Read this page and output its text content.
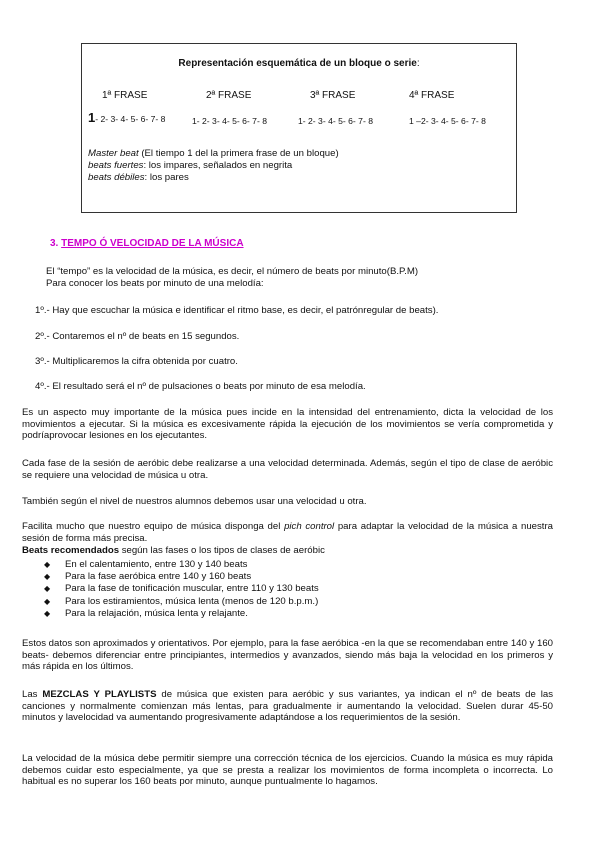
Representación esquemática de un bloque o serie:
1ª FRASE	2ª FRASE	3ª FRASE	4ª FRASE
1- 2- 3- 4- 5- 6- 7- 8	1- 2- 3- 4- 5- 6- 7- 8	1- 2- 3- 4- 5- 6- 7- 8	1 –2- 3- 4- 5- 6- 7- 8
Master beat (El tiempo 1 del la primera frase de un bloque)
beats fuertes: los impares, señalados en negrita
beats débiles: los pares
3. TEMPO Ó VELOCIDAD DE LA MÚSICA
El “tempo” es la velocidad de la música, es decir, el número de beats por minuto(B.P.M)
Para conocer los beats por minuto de una melodía:
1º.- Hay que escuchar la música e identificar el ritmo base, es decir, el patrónregular de beats).
2º.- Contaremos el nº de beats en 15 segundos.
3º.- Multiplicaremos la cifra obtenida por cuatro.
4º.- El resultado será el nº de pulsaciones o beats por minuto de esa melodía.
Es un aspecto muy importante de la música pues incide en la intensidad del entrenamiento, dicta la velocidad de los movimientos a ejecutar. Si la música es excesivamente rápida la ejecución de los movimientos se vería comprometida y podríaprovocar lesiones en los ejecutantes.
Cada fase de la sesión de aeróbic debe realizarse a una velocidad determinada. Además, según el tipo de clase de aeróbic se requiere una velocidad de música u otra.
También según el nivel de nuestros alumnos debemos usar una velocidad u otra.
Facilita mucho que nuestro equipo de música disponga del pich control para adaptar la velocidad de la música a nuestra sesión de forma más precisa.
Beats recomendados según las fases o los tipos de clases de aeróbic
◆ En el calentamiento, entre 130 y 140 beats
◆ Para la fase aeróbica entre 140 y 160 beats
◆ Para la fase de tonificación muscular, entre 110 y 130 beats
◆ Para los estiramientos, música lenta (menos de 120 b.p.m.)
◆ Para la relajación, música lenta y relajante.
Estos datos son aproximados y orientativos. Por ejemplo, para la fase aeróbica -en la que se recomendaban entre 140 y 160 beats- debemos diferenciar entre principiantes, intermedios y avanzados, siendo más baja la velocidad en los primeros y más rápida en los últimos.
Las MEZCLAS Y PLAYLISTS de música que existen para aeróbic y sus variantes, ya indican el nº de beats de las canciones y normalmente comienzan más lentas, para gradualmente ir aumentando la velocidad. Suelen durar 45-50 minutos y lavelocidad va aumentando progresivamente adaptándose a los requerimientos de la sesión.
La velocidad de la música debe permitir siempre una corrección técnica de los ejercicios. Cuando la música es muy rápida debemos cuidar esto especialmente, ya que se presta a realizar los movimientos de forma incompleta o incorrecta. Lo habitual es no superar los 160 beats por minuto, aunque puntualmente lo hagamos.
